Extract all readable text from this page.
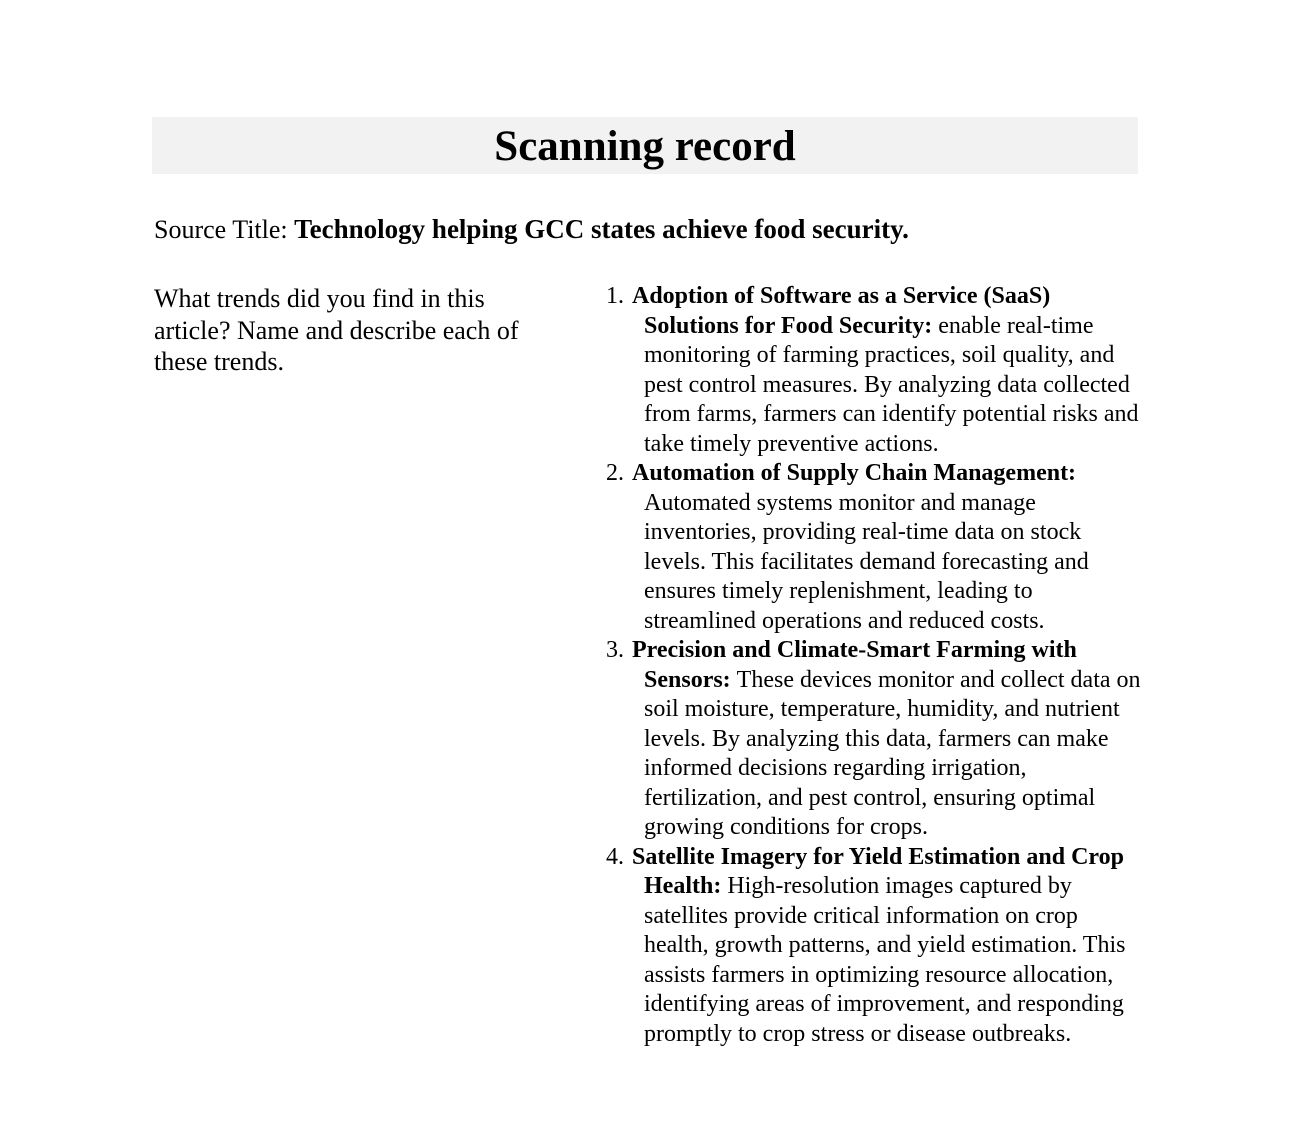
Scanning record
Source Title: Technology helping GCC states achieve food security.
What trends did you find in this article? Name and describe each of these trends.
1. Adoption of Software as a Service (SaaS) Solutions for Food Security: enable real-time monitoring of farming practices, soil quality, and pest control measures. By analyzing data collected from farms, farmers can identify potential risks and take timely preventive actions.
2. Automation of Supply Chain Management: Automated systems monitor and manage inventories, providing real-time data on stock levels. This facilitates demand forecasting and ensures timely replenishment, leading to streamlined operations and reduced costs.
3. Precision and Climate-Smart Farming with Sensors: These devices monitor and collect data on soil moisture, temperature, humidity, and nutrient levels. By analyzing this data, farmers can make informed decisions regarding irrigation, fertilization, and pest control, ensuring optimal growing conditions for crops.
4. Satellite Imagery for Yield Estimation and Crop Health: High-resolution images captured by satellites provide critical information on crop health, growth patterns, and yield estimation. This assists farmers in optimizing resource allocation, identifying areas of improvement, and responding promptly to crop stress or disease outbreaks.
